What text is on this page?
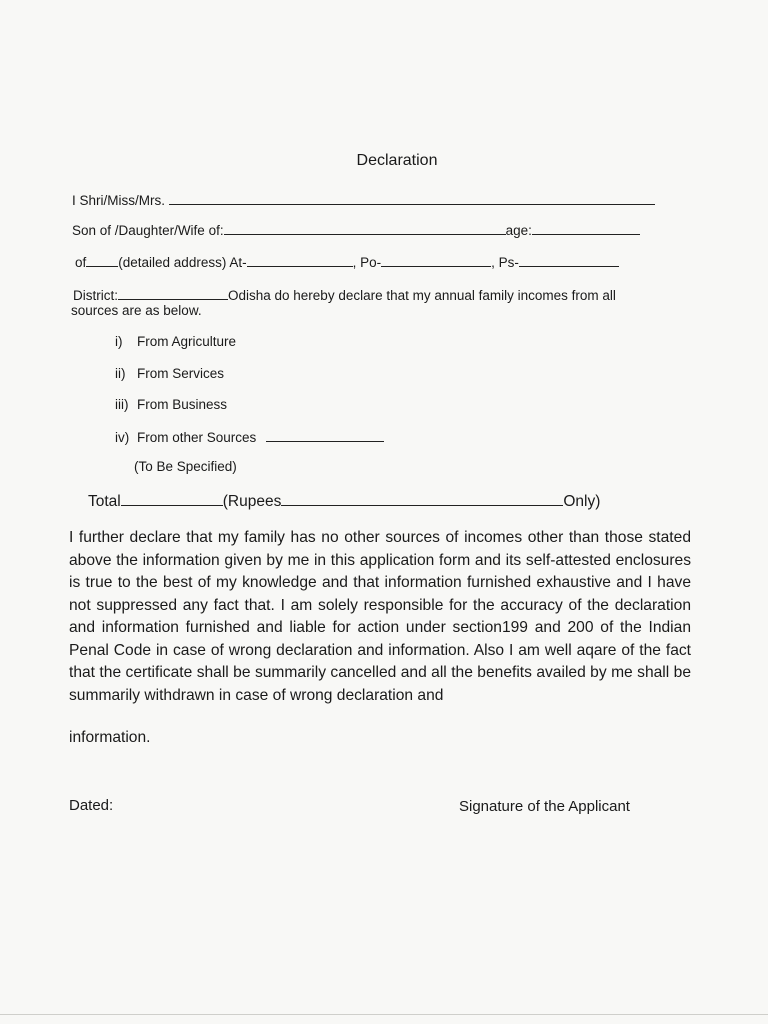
Declaration
I Shri/Miss/Mrs.
Son of /Daughter/Wife of:	age:
of (detailed address) At-	, Po-	, Ps-
District:	Odisha do hereby declare that my annual family incomes from all
sources are as below.
i) From Agriculture
ii) From Services
iii) From Business
iv) From other Sources
(To Be Specified)
Total	(Rupees	Only)
I further declare that my family has no other sources of incomes other than those stated above the information given by me in this application form and its self-attested enclosures is true to the best of my knowledge and that information furnished exhaustive and I have not suppressed any fact that. I am solely responsible for the accuracy of the declaration and information furnished and liable for action under section199 and 200 of the Indian Penal Code in case of wrong declaration and information. Also I am well aqare of the fact that the certificate shall be summarily cancelled and all the benefits availed by me shall be summarily withdrawn in case of wrong declaration and
information.
Dated:	Signature of the Applicant
